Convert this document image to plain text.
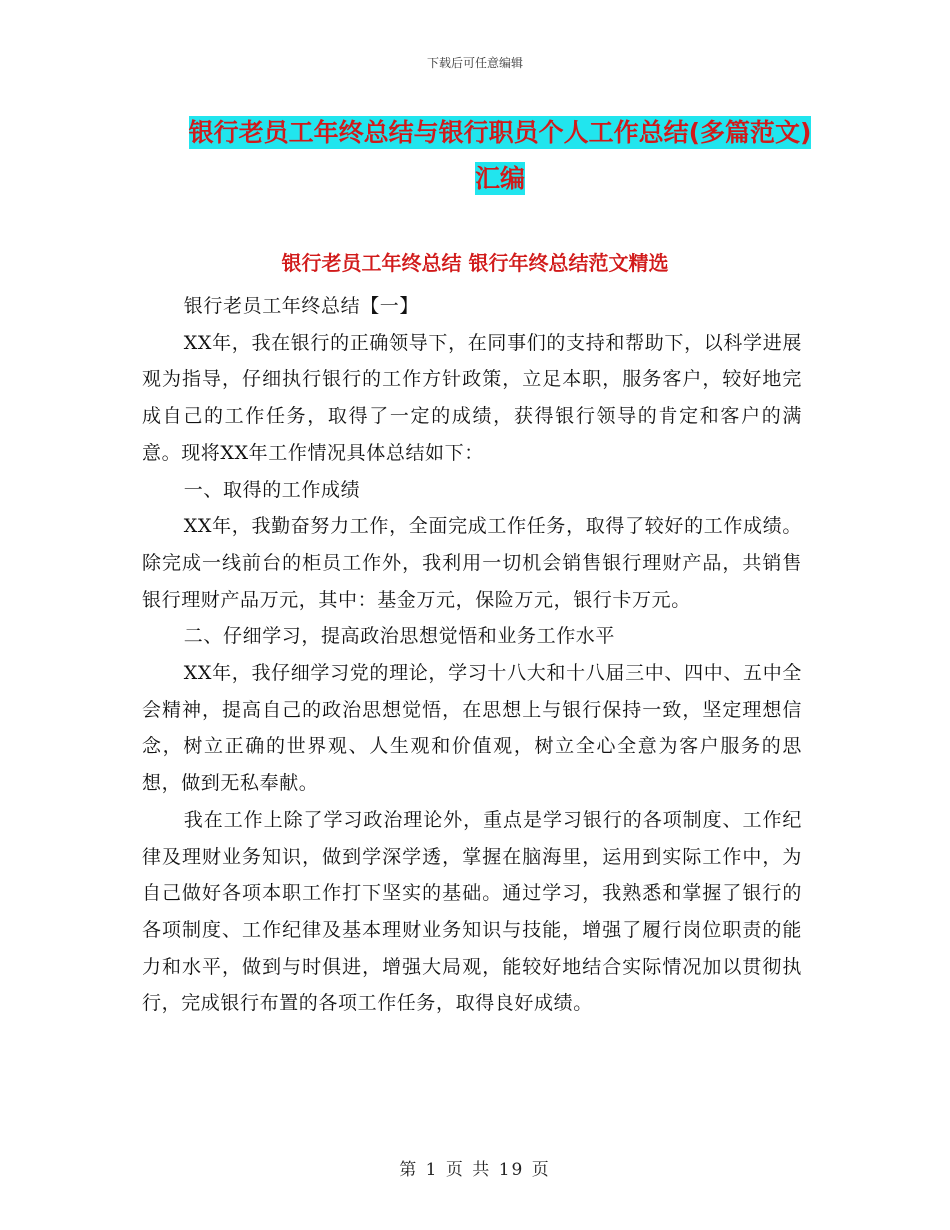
下载后可任意编辑
银行老员工年终总结与银行职员个人工作总结(多篇范文)汇编
银行老员工年终总结 银行年终总结范文精选

银行老员工年终总结【一】

XX年，我在银行的正确领导下，在同事们的支持和帮助下，以科学进展观为指导，仔细执行银行的工作方针政策，立足本职，服务客户，较好地完成自己的工作任务，取得了一定的成绩，获得银行领导的肯定和客户的满意。现将XX年工作情况具体总结如下：

一、取得的工作成绩

XX年，我勤奋努力工作，全面完成工作任务，取得了较好的工作成绩。除完成一线前台的柜员工作外，我利用一切机会销售银行理财产品，共销售银行理财产品万元，其中：基金万元，保险万元，银行卡万元。

二、仔细学习，提高政治思想觉悟和业务工作水平

XX年，我仔细学习党的理论，学习十八大和十八届三中、四中、五中全会精神，提高自己的政治思想觉悟，在思想上与银行保持一致，坚定理想信念，树立正确的世界观、人生观和价值观，树立全心全意为客户服务的思想，做到无私奉献。

我在工作上除了学习政治理论外，重点是学习银行的各项制度、工作纪律及理财业务知识，做到学深学透，掌握在脑海里，运用到实际工作中，为自己做好各项本职工作打下坚实的基础。通过学习，我熟悉和掌握了银行的各项制度、工作纪律及基本理财业务知识与技能，增强了履行岗位职责的能力和水平，做到与时俱进，增强大局观，能较好地结合实际情况加以贯彻执行，完成银行布置的各项工作任务，取得良好成绩。

第 1 页 共 19 页
